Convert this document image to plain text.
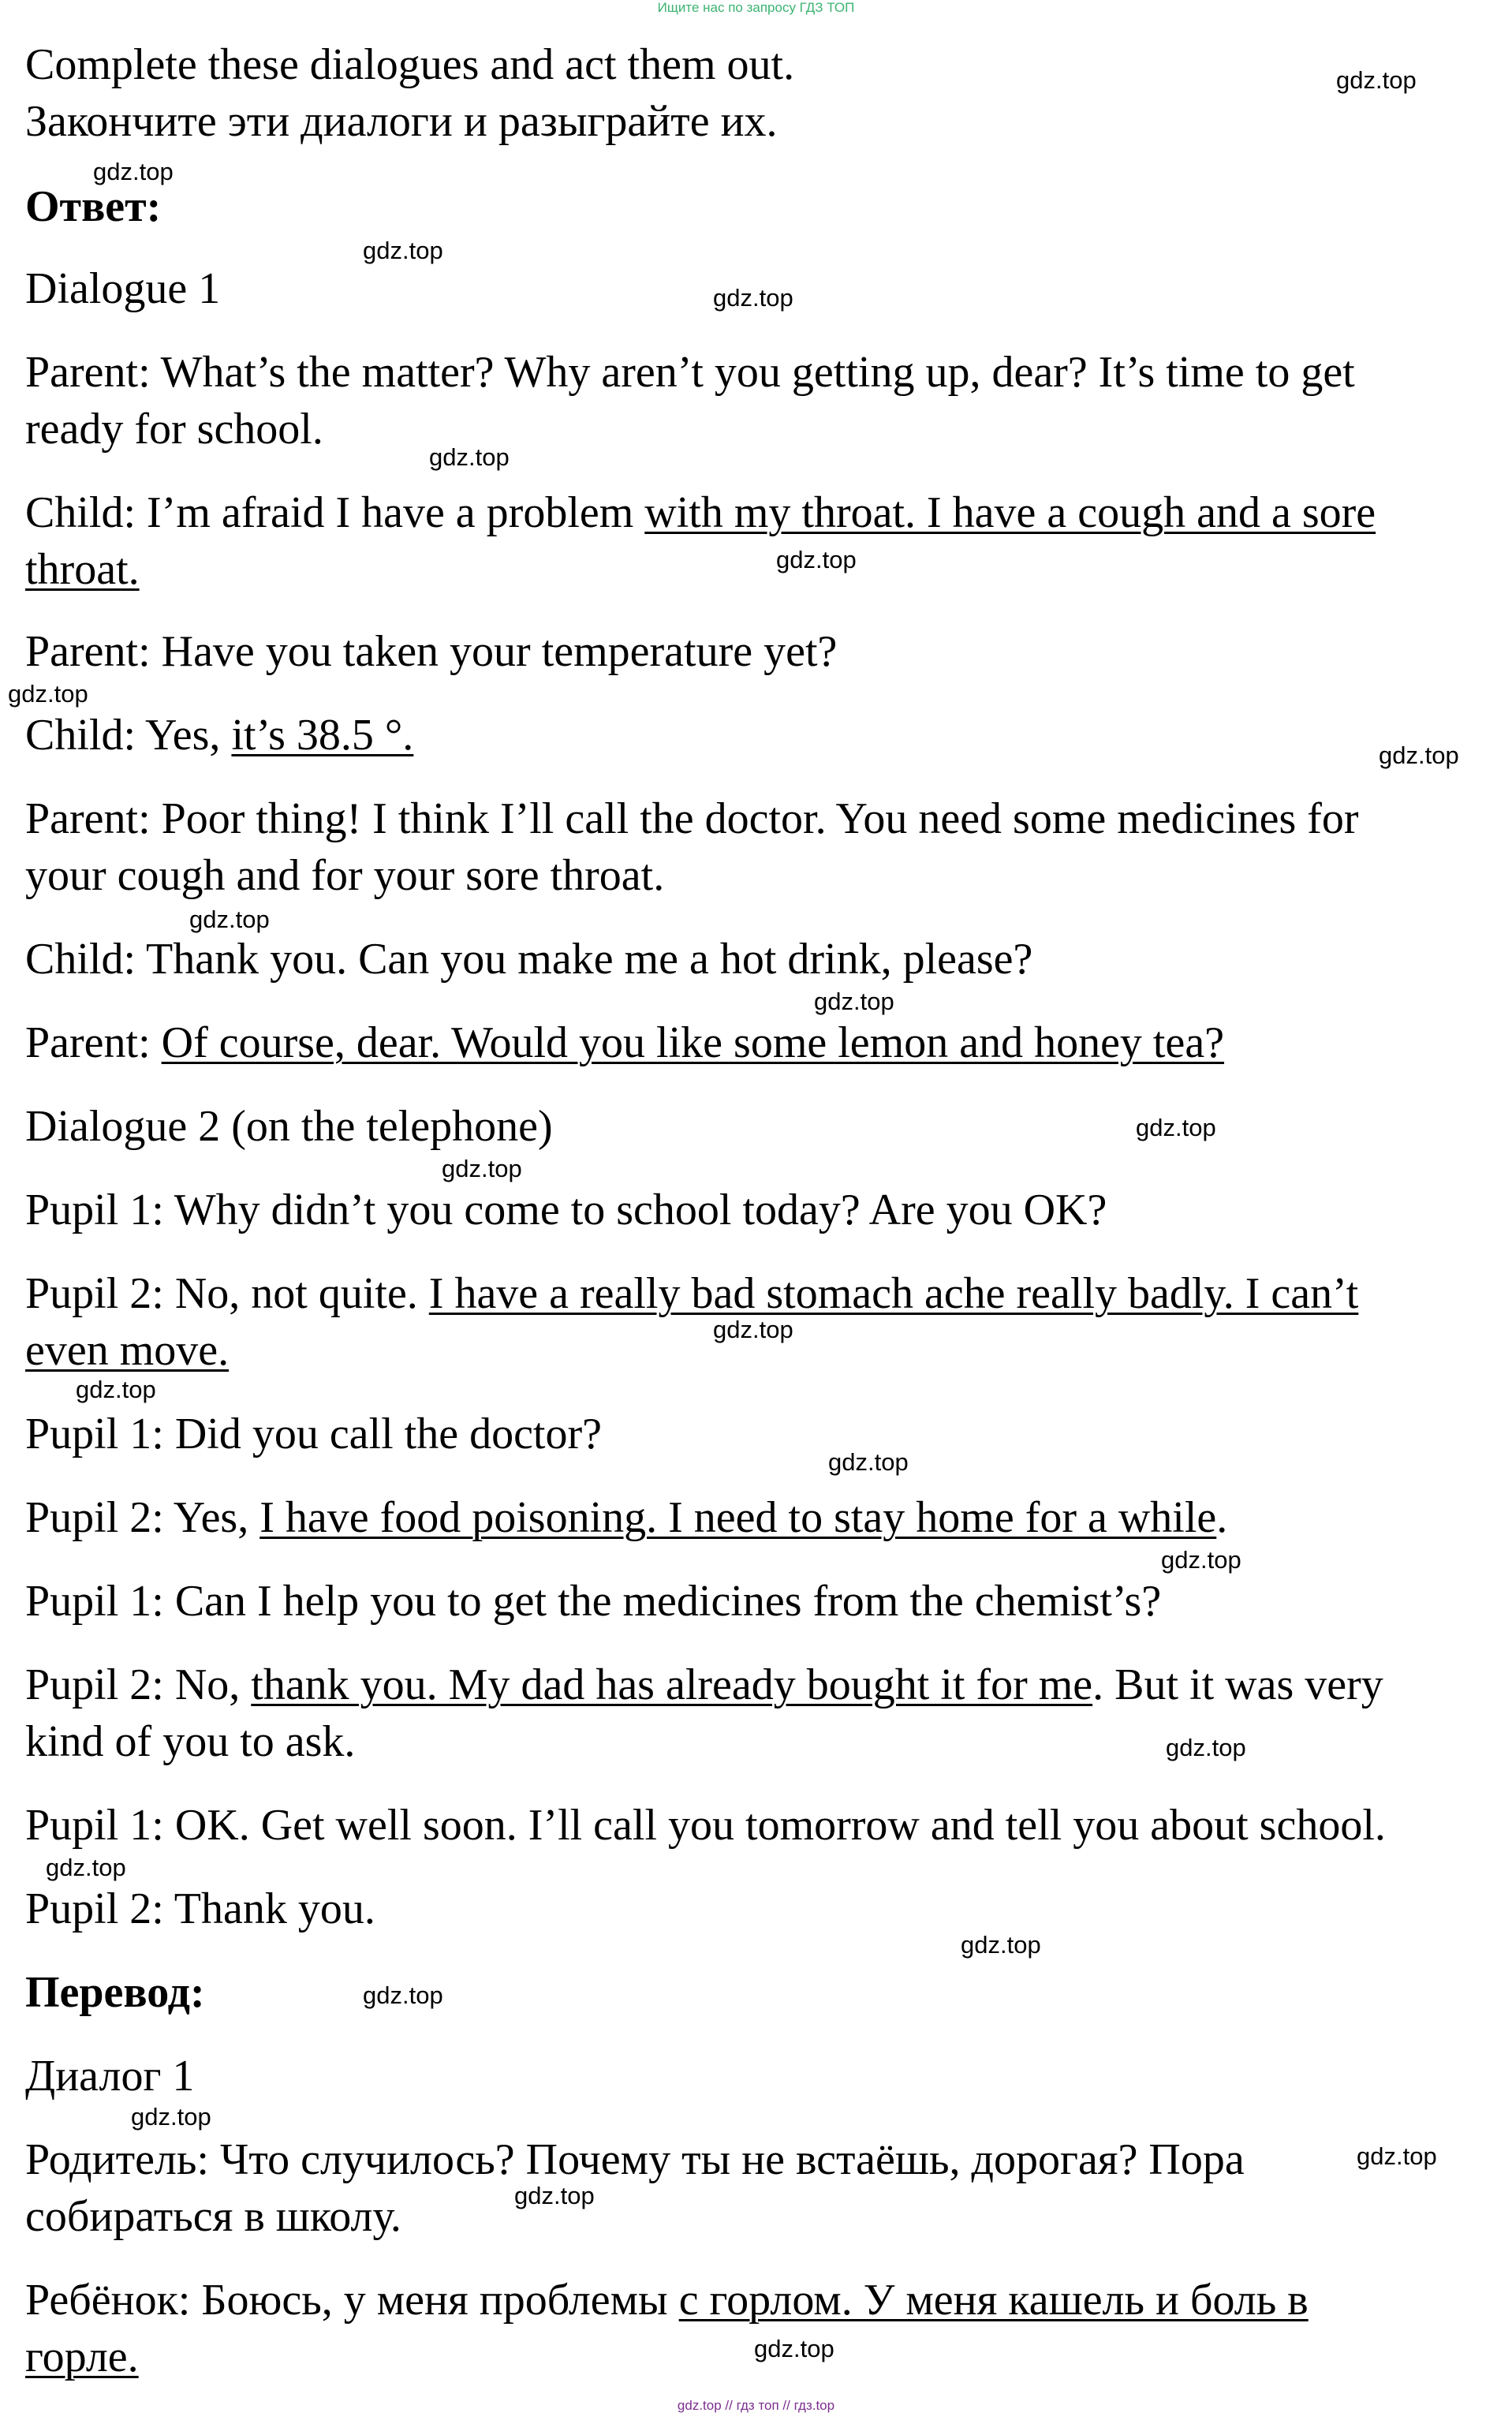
Ищите нас по запросу ГДЗ ТОП
Complete these dialogues and act them out.
Закончите эти диалоги и разыграйте их.
Ответ:
Dialogue 1
Parent: What’s the matter? Why aren’t you getting up, dear? It’s time to get
ready for school.
Child: I’m afraid I have a problem with my throat. I have a cough and a sore
throat.
Parent: Have you taken your temperature yet?
Child: Yes, it’s 38.5 °.
Parent: Poor thing! I think I’ll call the doctor. You need some medicines for
your cough and for your sore throat.
Child: Thank you. Can you make me a hot drink, please?
Parent: Of course, dear. Would you like some lemon and honey tea?
Dialogue 2 (on the telephone)
Pupil 1: Why didn’t you come to school today? Are you OK?
Pupil 2: No, not quite. I have a really bad stomach ache really badly. I can’t
even move.
Pupil 1: Did you call the doctor?
Pupil 2: Yes, I have food poisoning. I need to stay home for a while.
Pupil 1: Can I help you to get the medicines from the chemist’s?
Pupil 2: No, thank you. My dad has already bought it for me. But it was very
kind of you to ask.
Pupil 1: OK. Get well soon. I’ll call you tomorrow and tell you about school.
Pupil 2: Thank you.
Перевод:
Диалог 1
Родитель: Что случилось? Почему ты не встаёшь, дорогая? Пора
собираться в школу.
Ребёнок: Боюсь, у меня проблемы с горлом. У меня кашель и боль в
горле.
gdz.top
gdz.top
gdz.top
gdz.top
gdz.top
gdz.top
gdz.top
gdz.top
gdz.top
gdz.top
gdz.top
gdz.top
gdz.top
gdz.top
gdz.top
gdz.top
gdz.top
gdz.top
gdz.top
gdz.top
gdz.top
gdz.top
gdz.top
gdz.top
gdz.top // гдз топ // гдз.top
